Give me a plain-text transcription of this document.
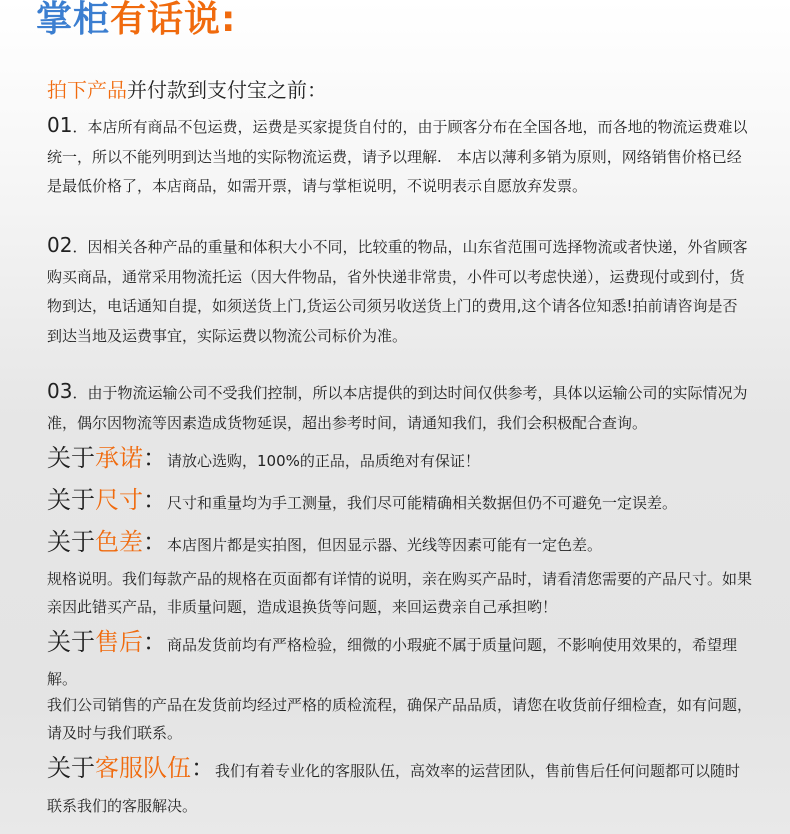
掌柜有话说:
拍下产品并付款到支付宝之前：
01．本店所有商品不包运费，运费是买家提货自付的，由于顾客分布在全国各地，而各地的物流运费难以统一，所以不能列明到达当地的实际物流运费，请予以理解.　本店以薄利多销为原则，网络销售价格已经是最低价格了，本店商品，如需开票，请与掌柜说明，不说明表示自愿放弃发票。
02．因相关各种产品的重量和体积大小不同，比较重的物品，山东省范围可选择物流或者快递，外省顾客购买商品，通常采用物流托运（因大件物品，省外快递非常贵，小件可以考虑快递），运费现付或到付，货物到达，电话通知自提，如须送货上门,货运公司须另收送货上门的费用,这个请各位知悉!拍前请咨询是否到达当地及运费事宜，实际运费以物流公司标价为准。
03．由于物流运输公司不受我们控制，所以本店提供的到达时间仅供参考，具体以运输公司的实际情况为准，偶尔因物流等因素造成货物延误，超出参考时间，请通知我们，我们会积极配合查询。
关于承诺：请放心选购，100%的正品，品质绝对有保证！
关于尺寸：尺寸和重量均为手工测量，我们尽可能精确相关数据但仍不可避免一定误差。
关于色差：本店图片都是实拍图，但因显示器、光线等因素可能有一定色差。
规格说明。我们每款产品的规格在页面都有详情的说明，亲在购买产品时，请看清您需要的产品尺寸。如果亲因此错买产品，非质量问题，造成退换货等问题，来回运费亲自己承担哟！
关于售后：商品发货前均有严格检验，细微的小瑕疵不属于质量问题，不影响使用效果的，希望理解。
我们公司销售的产品在发货前均经过严格的质检流程，确保产品品质，请您在收货前仔细检查，如有问题，请及时与我们联系。
关于客服队伍：我们有着专业化的客服队伍，高效率的运营团队，售前售后任何问题都可以随时联系我们的客服解决。
